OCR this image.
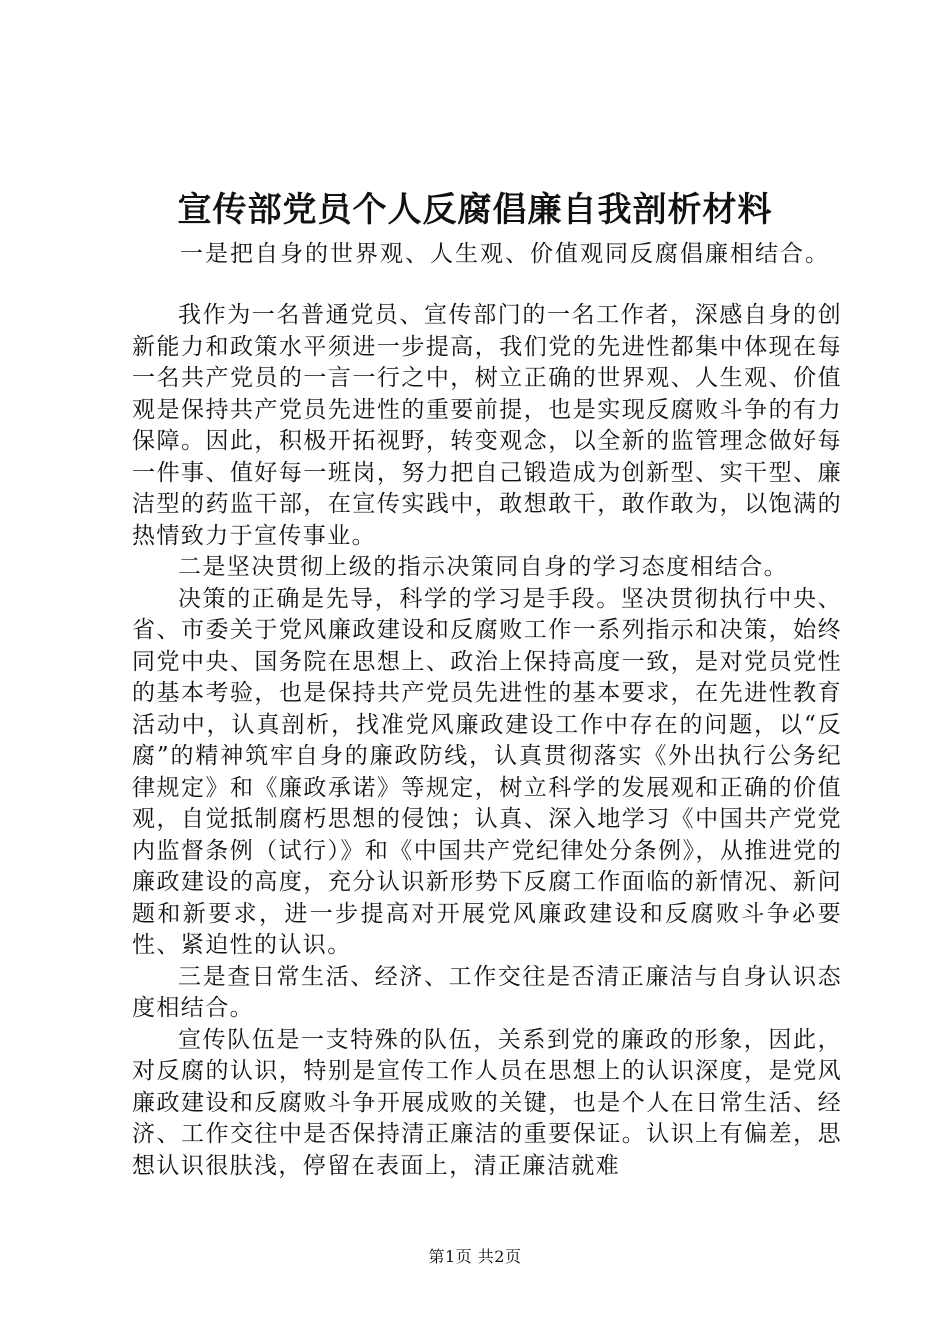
宣传部党员个人反腐倡廉自我剖析材料
一是把自身的世界观、人生观、价值观同反腐倡廉相结合。

我作为一名普通党员、宣传部门的一名工作者，深感自身的创新能力和政策水平须进一步提高，我们党的先进性都集中体现在每一名共产党员的一言一行之中，树立正确的世界观、人生观、价值观是保持共产党员先进性的重要前提，也是实现反腐败斗争的有力保障。因此，积极开拓视野，转变观念，以全新的监管理念做好每一件事、值好每一班岗，努力把自己锻造成为创新型、实干型、廉洁型的药监干部，在宣传实践中，敢想敢干，敢作敢为，以饱满的热情致力于宣传事业。

二是坚决贯彻上级的指示决策同自身的学习态度相结合。

决策的正确是先导，科学的学习是手段。坚决贯彻执行中央、省、市委关于党风廉政建设和反腐败工作一系列指示和决策，始终同党中央、国务院在思想上、政治上保持高度一致，是对党员党性的基本考验，也是保持共产党员先进性的基本要求，在先进性教育活动中，认真剖析，找准党风廉政建设工作中存在的问题，以“反腐”的精神筑牢自身的廉政防线，认真贯彻落实《外出执行公务纪律规定》和《廉政承诺》等规定，树立科学的发展观和正确的价值观，自觉抵制腐朽思想的侵蚀；认真、深入地学习《中国共产党党内监督条例（试行）》和《中国共产党纪律处分条例》，从推进党的廉政建设的高度，充分认识新形势下反腐工作面临的新情况、新问题和新要求，进一步提高对开展党风廉政建设和反腐败斗争必要性、紧迫性的认识。

三是查日常生活、经济、工作交往是否清正廉洁与自身认识态度相结合。

宣传队伍是一支特殊的队伍，关系到党的廉政的形象，因此，对反腐的认识，特别是宣传工作人员在思想上的认识深度，是党风廉政建设和反腐败斗争开展成败的关键，也是个人在日常生活、经济、工作交往中是否保持清正廉洁的重要保证。认识上有偏差，思想认识很肤浅，停留在表面上，清正廉洁就难

第1页 共2页
